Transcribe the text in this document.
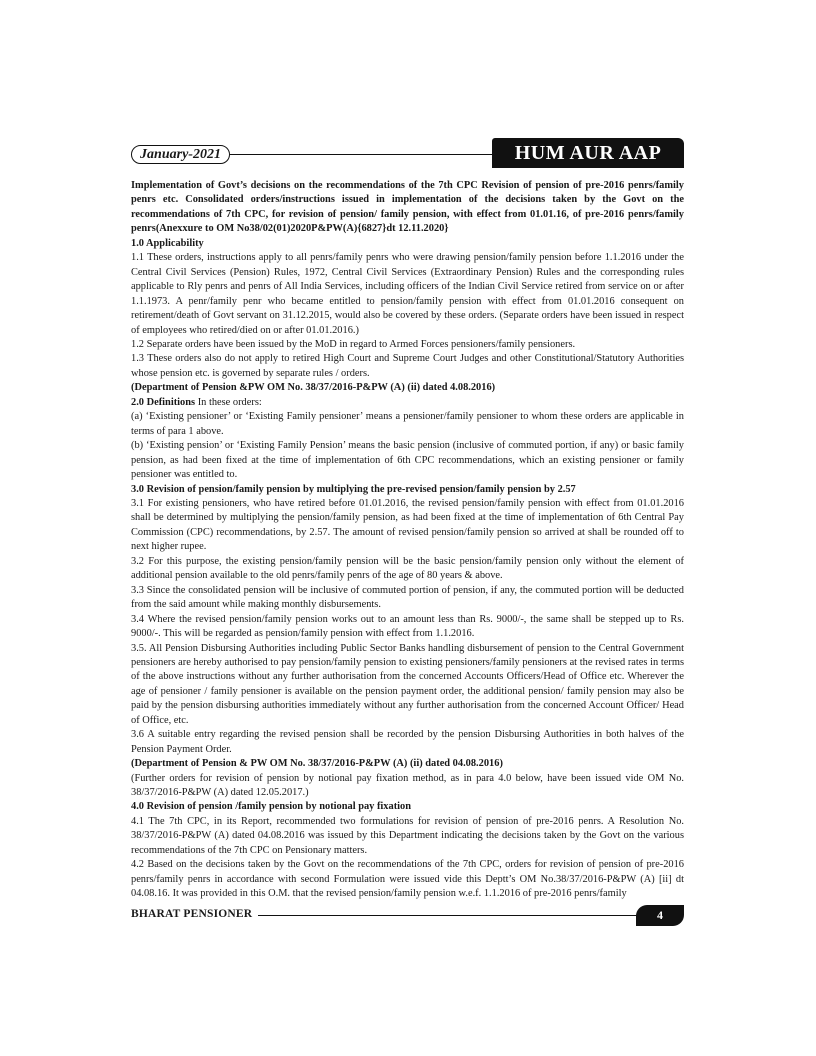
January-2021	HUM AUR AAP

Implementation of Govt’s decisions on the recommendations of the 7th CPC Revision of pension of pre-2016 penrs/family penrs etc. Consolidated orders/instructions issued in implementation of the decisions taken by the Govt on the recommendations of 7th CPC, for revision of pension/ family pension, with effect from 01.01.16, of pre-2016 penrs/family penrs(Anexxure to OM No38/02(01)2020P&PW(A){6827}dt 12.11.2020}

1.0 Applicability

1.1 These orders, instructions apply to all penrs/family penrs who were drawing pension/family pension before 1.1.2016 under the Central Civil Services (Pension) Rules, 1972, Central Civil Services (Extraordinary Pension) Rules and the corresponding rules applicable to Rly penrs and penrs of All India Services, including officers of the Indian Civil Service retired from service on or after 1.1.1973. A penr/family penr who became entitled to pension/family pension with effect from 01.01.2016 consequent on retirement/death of Govt servant on 31.12.2015, would also be covered by these orders. (Separate orders have been issued in respect of employees who retired/died on or after 01.01.2016.)

1.2 Separate orders have been issued by the MoD in regard to Armed Forces pensioners/family pensioners.

1.3 These orders also do not apply to retired High Court and Supreme Court Judges and other Constitutional/Statutory Authorities whose pension etc. is governed by separate rules / orders.

(Department of Pension &PW OM No. 38/37/2016-P&PW (A) (ii) dated 4.08.2016)

2.0 Definitions In these orders:

(a) ‘Existing pensioner’ or ‘Existing Family pensioner’ means a pensioner/family pensioner to whom these orders are applicable in terms of para 1 above.

(b) ‘Existing pension’ or ‘Existing Family Pension’ means the basic pension (inclusive of commuted portion, if any) or basic family pension, as had been fixed at the time of implementation of 6th CPC recommendations, which an existing pensioner or family pensioner was entitled to.

3.0 Revision of pension/family pension by multiplying the pre-revised pension/family pension by 2.57

3.1 For existing pensioners, who have retired before 01.01.2016, the revised pension/family pension with effect from 01.01.2016 shall be determined by multiplying the pension/family pension, as had been fixed at the time of implementation of 6th Central Pay Commission (CPC) recommendations, by 2.57. The amount of revised pension/family pension so arrived at shall be rounded off to next higher rupee.

3.2 For this purpose, the existing pension/family pension will be the basic pension/family pension only without the element of additional pension available to the old penrs/family penrs of the age of 80 years & above.

3.3 Since the consolidated pension will be inclusive of commuted portion of pension, if any, the commuted portion will be deducted from the said amount while making monthly disbursements.

3.4 Where the revised pension/family pension works out to an amount less than Rs. 9000/-, the same shall be stepped up to Rs. 9000/-. This will be regarded as pension/family pension with effect from 1.1.2016.

3.5. All Pension Disbursing Authorities including Public Sector Banks handling disbursement of pension to the Central Government pensioners are hereby authorised to pay pension/family pension to existing pensioners/family pensioners at the revised rates in terms of the above instructions without any further authorisation from the concerned Accounts Officers/Head of Office etc. Wherever the age of pensioner / family pensioner is available on the pension payment order, the additional pension/ family pension may also be paid by the pension disbursing authorities immediately without any further authorisation from the concerned Account Officer/ Head of Office, etc.

3.6 A suitable entry regarding the revised pension shall be recorded by the pension Disbursing Authorities in both halves of the Pension Payment Order.

(Department of Pension & PW OM No. 38/37/2016-P&PW (A) (ii) dated 04.08.2016)

(Further orders for revision of pension by notional pay fixation method, as in para 4.0 below, have been issued vide OM No. 38/37/2016-P&PW (A) dated 12.05.2017.)

4.0 Revision of pension /family pension by notional pay fixation

4.1 The 7th CPC, in its Report, recommended two formulations for revision of pension of pre-2016 penrs. A Resolution No. 38/37/2016-P&PW (A) dated 04.08.2016 was issued by this Department indicating the decisions taken by the Govt on the various recommendations of the 7th CPC on Pensionary matters.

4.2 Based on the decisions taken by the Govt on the recommendations of the 7th CPC, orders for revision of pension of pre-2016 penrs/family penrs in accordance with second Formulation were issued vide this Deptt’s OM No.38/37/2016-P&PW (A) [ii] dt 04.08.16. It was provided in this O.M. that the revised pension/family pension w.e.f. 1.1.2016 of pre-2016 penrs/family

BHARAT PENSIONER	4
